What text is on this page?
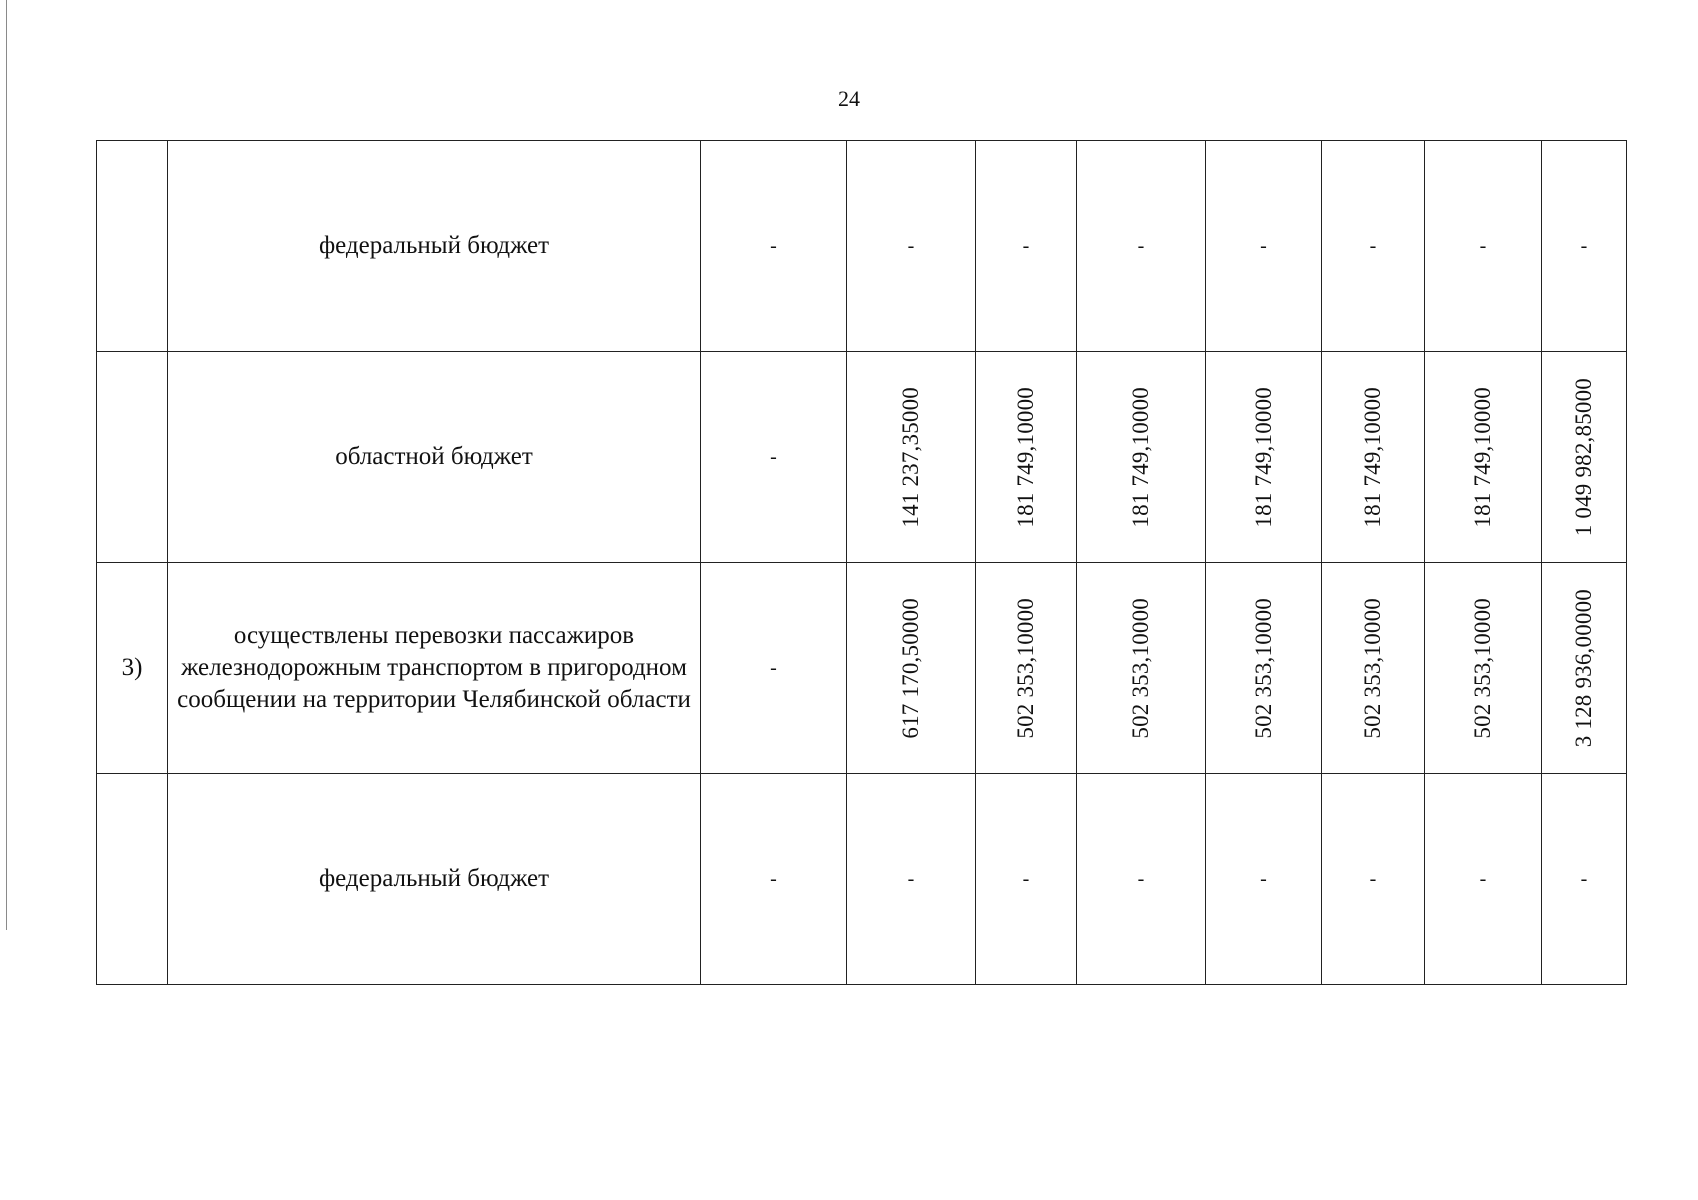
24
	федеральный бюджет	-	-	-	-	-	-	-	-
	областной бюджет	-	141 237,35000	181 749,10000	181 749,10000	181 749,10000	181 749,10000	181 749,10000	1 049 982,85000

3)	осуществлены перевозки пассажиров железнодорожным транспортом в пригородном сообщении на территории Челябинской области	-	617 170,50000	502 353,10000	502 353,10000	502 353,10000	502 353,10000	502 353,10000	3 128 936,00000

	федеральный бюджет	-	-	-	-	-	-	-	-
